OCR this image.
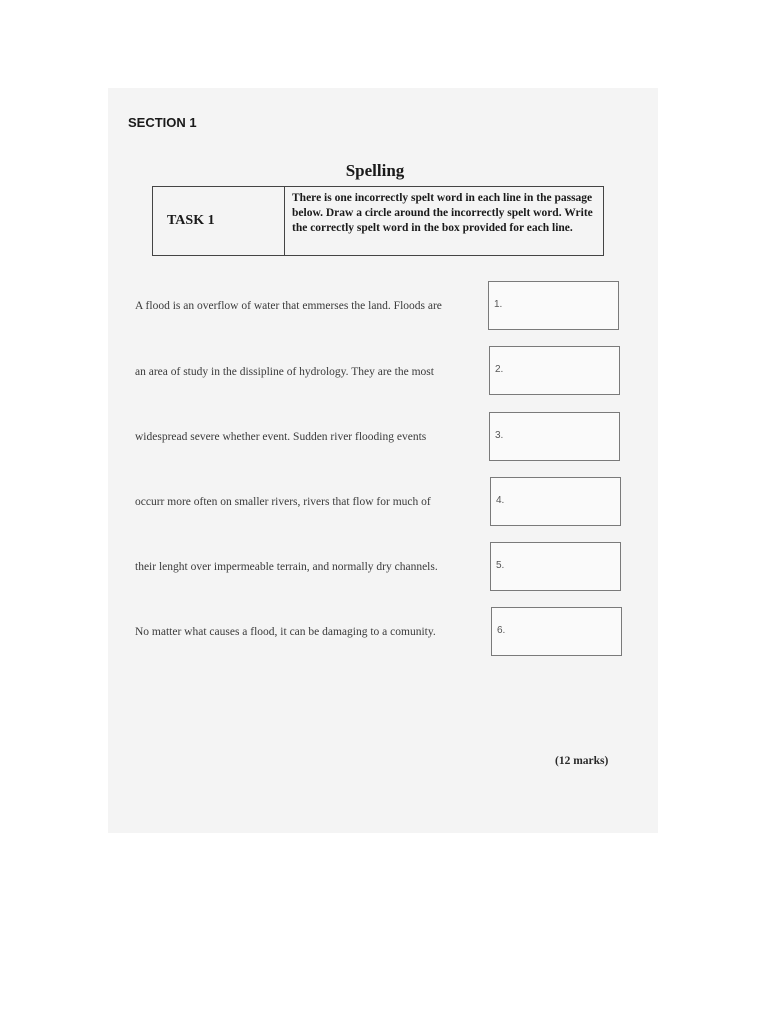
SECTION 1
Spelling
TASK 1
There is one incorrectly spelt word in each line in the passage below. Draw a circle around the incorrectly spelt word. Write the correctly spelt word in the box provided for each line.
A flood is an overflow of water that emmerses the land. Floods are	1.
an area of study in the dissipline of hydrology. They are the most	2.
widespread severe whether event. Sudden river flooding events	3.
occurr more often on smaller rivers, rivers that flow for much of	4.
their lenght over impermeable terrain, and normally dry channels.	5.
No matter what causes a flood, it can be damaging to a comunity.	6.
(12 marks)
